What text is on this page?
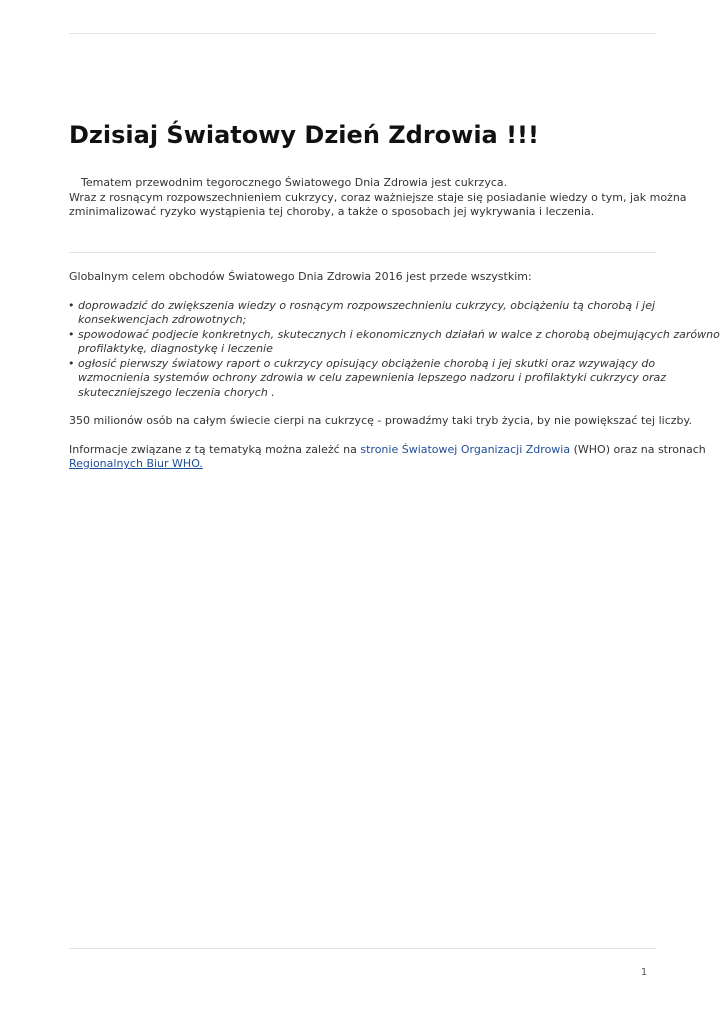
Dzisiaj Światowy Dzień Zdrowia !!!

Tematem przewodnim tegorocznego Światowego Dnia Zdrowia jest cukrzyca.
Wraz z rosnącym rozpowszechnieniem cukrzycy, coraz ważniejsze staje się posiadanie wiedzy o tym, jak można
zminimalizować ryzyko wystąpienia tej choroby, a także o sposobach jej wykrywania i leczenia.

Globalnym celem obchodów Światowego Dnia Zdrowia 2016 jest przede wszystkim:

• doprowadzić do zwiększenia wiedzy o rosnącym rozpowszechnieniu cukrzycy, obciążeniu tą chorobą i jej
konsekwencjach zdrowotnych;
• spowodować podjecie konkretnych, skutecznych i ekonomicznych działań w walce z chorobą obejmujących zarówno
profilaktykę, diagnostykę i leczenie
• ogłosić pierwszy światowy raport o cukrzycy opisujący obciążenie chorobą i jej skutki oraz wzywający do
wzmocnienia systemów ochrony zdrowia w celu zapewnienia lepszego nadzoru i profilaktyki cukrzycy oraz
skuteczniejszego leczenia chorych .

350 milionów osób na całym świecie cierpi na cukrzycę - prowadźmy taki tryb życia, by nie powiększać tej liczby.

Informacje związane z tą tematyką można zależć na stronie Światowej Organizacji Zdrowia (WHO) oraz na stronach

Regionalnych Biur WHO.

1
